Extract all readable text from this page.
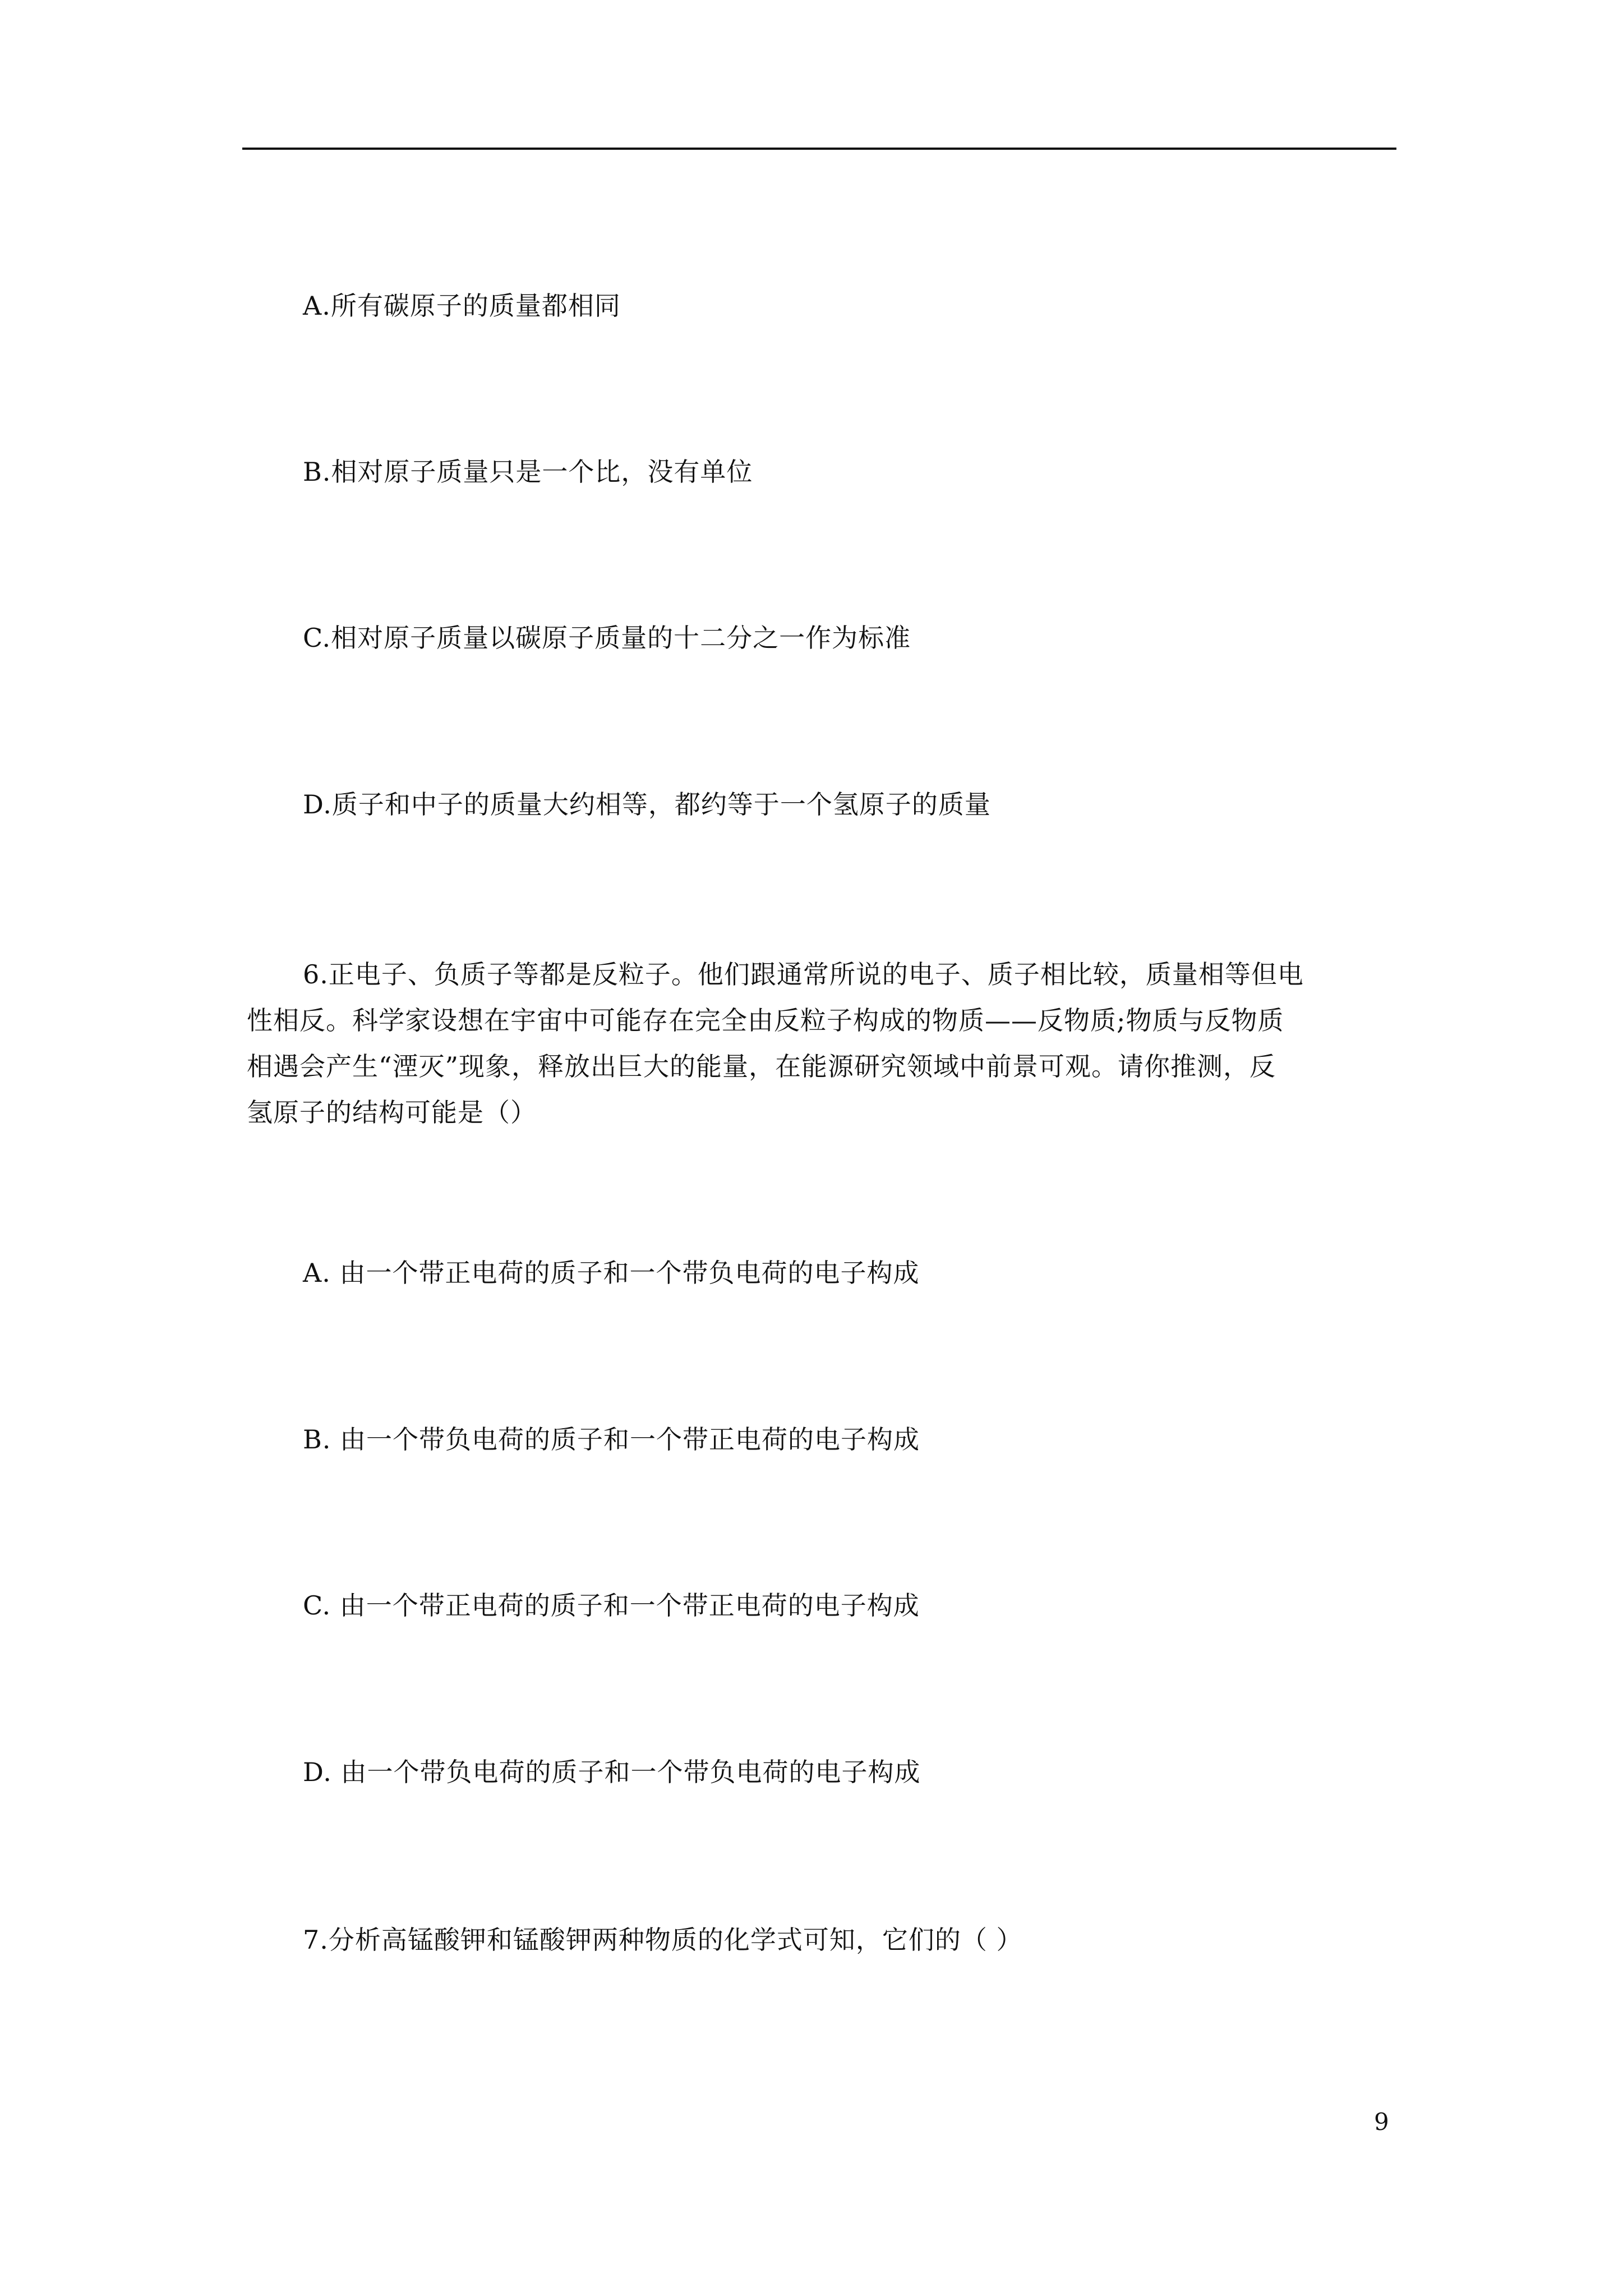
A.所有碳原子的质量都相同
B.相对原子质量只是一个比，没有单位
C.相对原子质量以碳原子质量的十二分之一作为标准
D.质子和中子的质量大约相等，都约等于一个氢原子的质量
6.正电子、负质子等都是反粒子。他们跟通常所说的电子、质子相比较，质量相等但电
性相反。科学家设想在宇宙中可能存在完全由反粒子构成的物质——反物质;物质与反物质
相遇会产生“湮灭”现象，释放出巨大的能量，在能源研究领域中前景可观。请你推测，反
氢原子的结构可能是（）
A. 由一个带正电荷的质子和一个带负电荷的电子构成
B. 由一个带负电荷的质子和一个带正电荷的电子构成
C. 由一个带正电荷的质子和一个带正电荷的电子构成
D. 由一个带负电荷的质子和一个带负电荷的电子构成
7.分析高锰酸钾和锰酸钾两种物质的化学式可知，它们的（ ）
9
